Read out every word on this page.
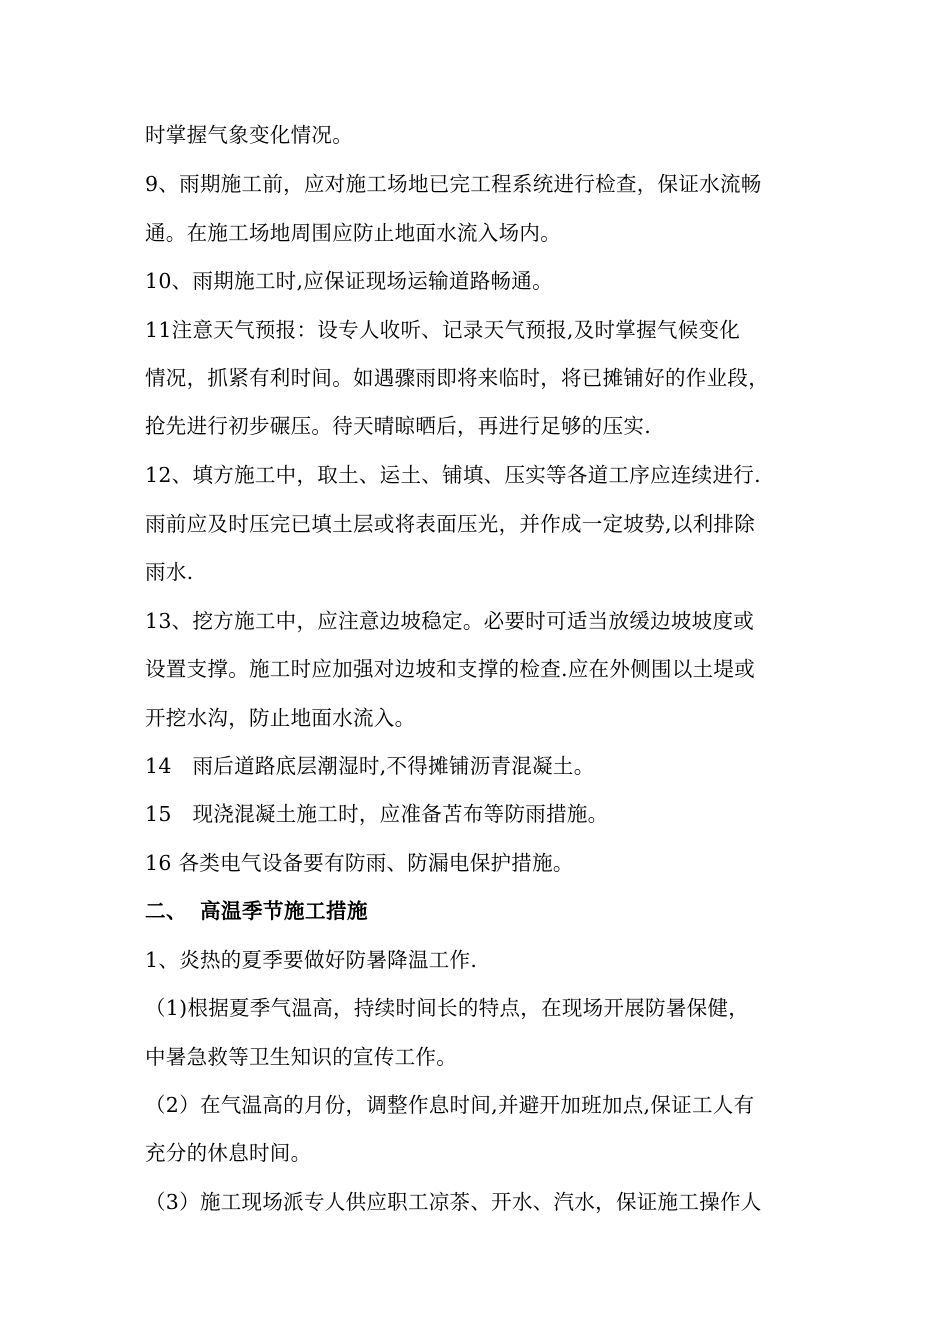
时掌握气象变化情况。
9、雨期施工前，应对施工场地已完工程系统进行检查，保证水流畅
通。在施工场地周围应防止地面水流入场内。
10、雨期施工时,应保证现场运输道路畅通。
11注意天气预报：设专人收听、记录天气预报,及时掌握气候变化
情况，抓紧有利时间。如遇骤雨即将来临时，将已摊铺好的作业段，
抢先进行初步碾压。待天晴晾晒后，再进行足够的压实.
12、填方施工中，取土、运土、铺填、压实等各道工序应连续进行.
雨前应及时压完已填土层或将表面压光，并作成一定坡势,以利排除
雨水.
13、挖方施工中，应注意边坡稳定。必要时可适当放缓边坡坡度或
设置支撑。施工时应加强对边坡和支撑的检查.应在外侧围以土堤或
开挖水沟，防止地面水流入。
14　雨后道路底层潮湿时,不得摊铺沥青混凝土。
15　现浇混凝土施工时，应准备苫布等防雨措施。
16 各类电气设备要有防雨、防漏电保护措施。
二、 高温季节施工措施
1、炎热的夏季要做好防暑降温工作.
（1)根据夏季气温高，持续时间长的特点，在现场开展防暑保健，
中暑急救等卫生知识的宣传工作。
（2）在气温高的月份，调整作息时间,并避开加班加点,保证工人有
充分的休息时间。
（3）施工现场派专人供应职工凉茶、开水、汽水，保证施工操作人
